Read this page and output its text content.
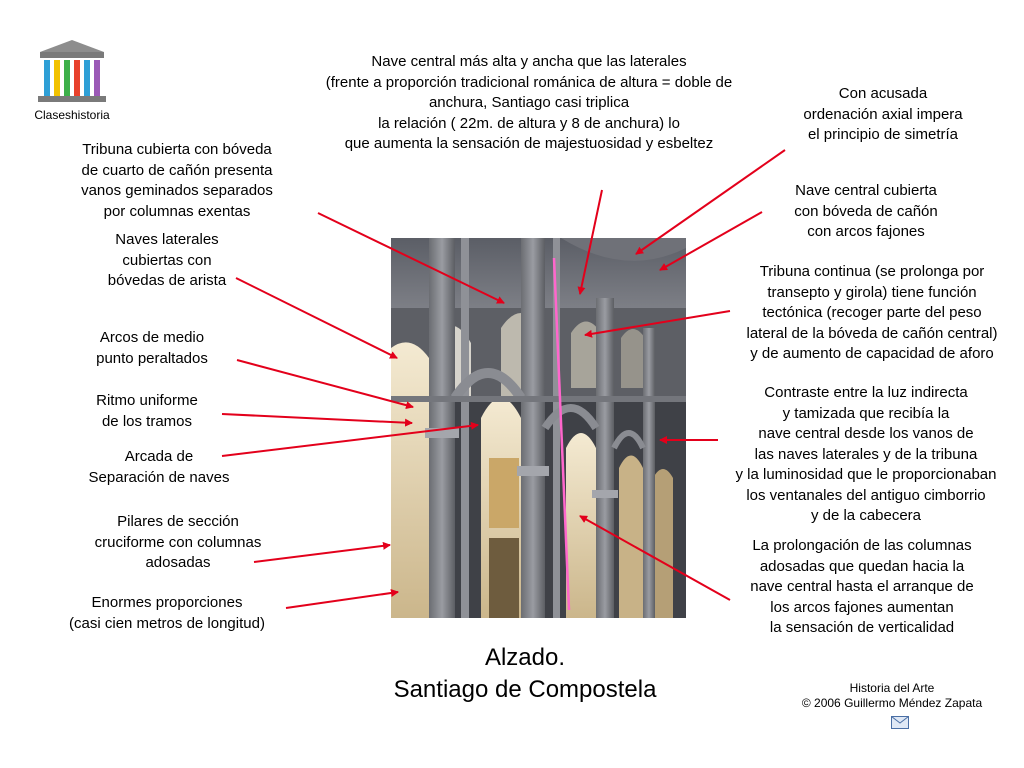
Claseshistoria
Nave central más alta y ancha que las laterales
(frente a proporción tradicional románica de altura = doble de
anchura, Santiago casi triplica
la relación ( 22m. de altura y 8 de anchura) lo
que aumenta la sensación de majestuosidad y esbeltez
Con acusada
ordenación axial impera
el principio de simetría
Tribuna cubierta con bóveda
de cuarto de cañón presenta
vanos geminados separados
por columnas exentas
Naves laterales
cubiertas con
bóvedas de arista
Arcos de medio
punto peraltados
Ritmo uniforme
de los tramos
Arcada de
Separación de naves
Pilares de sección
cruciforme con columnas
adosadas
Enormes proporciones
(casi cien metros de longitud)
Nave central cubierta
con bóveda de cañón
con arcos fajones
Tribuna continua (se prolonga por
transepto y girola) tiene función
tectónica (recoger parte del peso
lateral de la bóveda de cañón central)
y de aumento de capacidad de aforo
Contraste entre la luz indirecta
y tamizada que recibía la
nave central desde los vanos de
las naves laterales y de la tribuna
y la luminosidad que le proporcionaban
los ventanales del antiguo cimborrio
y de la cabecera
La prolongación de las columnas
adosadas que quedan hacia la
nave central hasta el arranque de
los arcos fajones aumentan
la sensación de verticalidad
Alzado.
Santiago de Compostela	Historia del Arte
© 2006 Guillermo Méndez Zapata
